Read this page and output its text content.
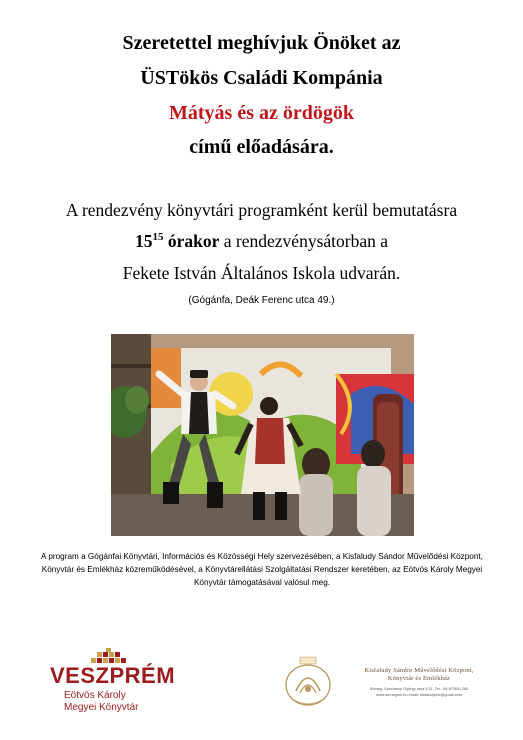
Szeretettel meghívjuk Önöket az
ÜSTökös Családi Kompánia
Mátyás és az ördögök
című előadására.
A rendezvény könyvtári programként kerül bemutatásra
$15^{15}$ órakor a rendezvénysátorban a
Fekete István Általános Iskola udvarán.
(Gógánfa, Deák Ferenc utca 49.)
A program a Gógánfai Könyvtári, Információs és Közösségi Hely szervezésében, a Kisfaludy Sándor Művelődési Központ, Könyvtár és Emlékház közreműködésével, a Könyvtárellátási Szolgáltatási Rendszer keretében, az Eötvös Károly Megyei Könyvtár támogatásával valósul meg.
VESZPRÉM
Eötvös Károly
Megyei Könyvtár
Kisfaludy Sándor Művelődési Központ,
Könyvtár és Emlékház
Sümeg, Széchenyi György utca 9-11. Tel.: 06-87/550-265
www.sumegmk.hu email: kisfaludymk@gmail.com
